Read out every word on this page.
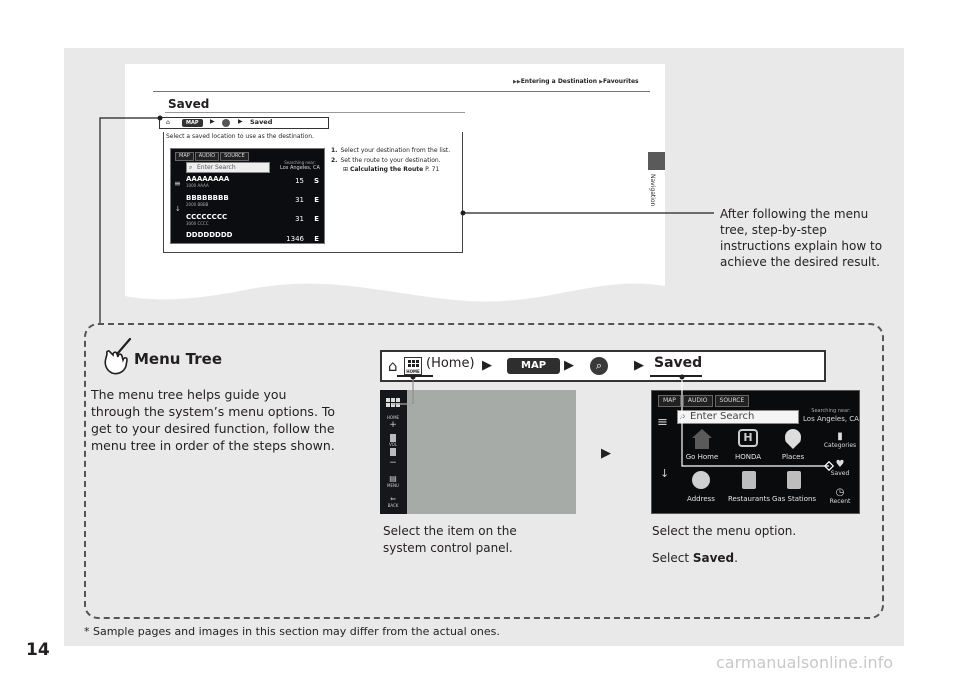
▶▶Entering a Destination ▶Favourites
Navigation
Saved
⌂	MAP	▶	▶ Saved
Select a saved location to use as the destination.
MAP	AUDIO	SOURCE
⌕ Enter Search
Searching near:
Los Angeles, CA
≡
↓
AAAAAAAA
1000 AAAA
15 S
BBBBBBBB
2000 BBBB
31 E
CCCCCCCC
3000 CCCC
31 E
DDDDDDDD	1346 E
1. Select your destination from the list.
2. Set the route to your destination.
⊞ Calculating the Route P. 71
After following the menu tree, step-by-step instructions explain how to achieve the desired result.
Menu Tree
The menu tree helps guide you through the system’s menu options. To get to your desired function, follow the menu tree in order of the steps shown.
⌂	HOME
(Home) ▶	MAP	▶	⌕	▶ Saved
HOME
+
VOL
−
▤
MENU
⇐
BACK
▶
MAP	AUDIO	SOURCE
⌕ Enter Search	Searching near:
Los Angeles, CA
≡
↓
Go Home
H
HONDA	Places
Address	Restaurants Gas Stations
▮
Categories
♥
Saved
◷
Recent
Select the item on the system control panel.
Select the menu option.
Select Saved.
* Sample pages and images in this section may differ from the actual ones.
14
carmanualsonline.info
